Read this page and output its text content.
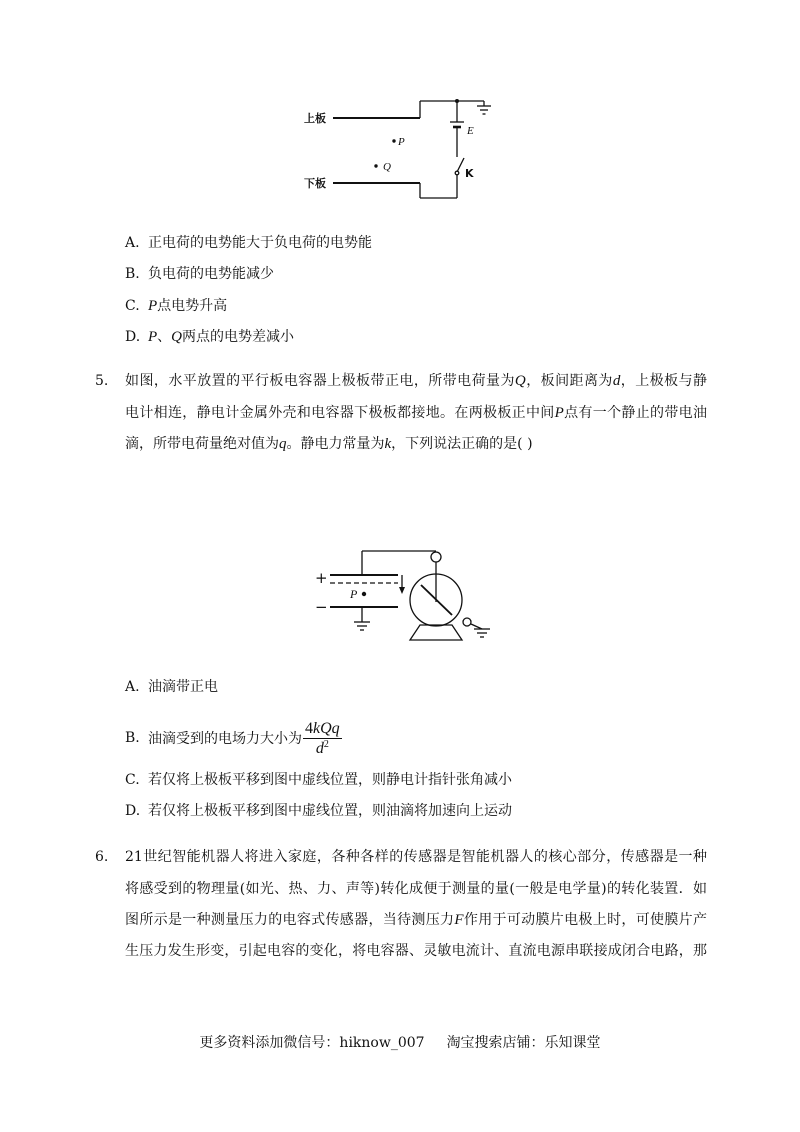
上板
E
K
下板
P
Q
A. 正电荷的电势能大于负电荷的电势能
B. 负电荷的电势能减少
C. P点电势升高
D. P、Q两点的电势差减小
5. 如图，水平放置的平行板电容器上极板带正电，所带电荷量为Q，板间距离为d，上极板与静
电计相连，静电计金属外壳和电容器下极板都接地。在两极板正中间P点有一个静止的带电油
滴，所带电荷量绝对值为q。静电力常量为k，下列说法正确的是( )
+
−
P
A. 油滴带正电
B. 油滴受到的电场力大小为 $\frac{\text{4kQq}}{d^2}$
C. 若仅将上极板平移到图中虚线位置，则静电计指针张角减小
D. 若仅将上极板平移到图中虚线位置，则油滴将加速向上运动
6. 21世纪智能机器人将进入家庭，各种各样的传感器是智能机器人的核心部分，传感器是一种
将感受到的物理量(如光、热、力、声等)转化成便于测量的量(一般是电学量)的转化装置．如
图所示是一种测量压力的电容式传感器，当待测压力F作用于可动膜片电极上时，可使膜片产
生压力发生形变，引起电容的变化，将电容器、灵敏电流计、直流电源串联接成闭合电路，那
更多资料添加微信号：hiknow_007 淘宝搜索店铺：乐知课堂
